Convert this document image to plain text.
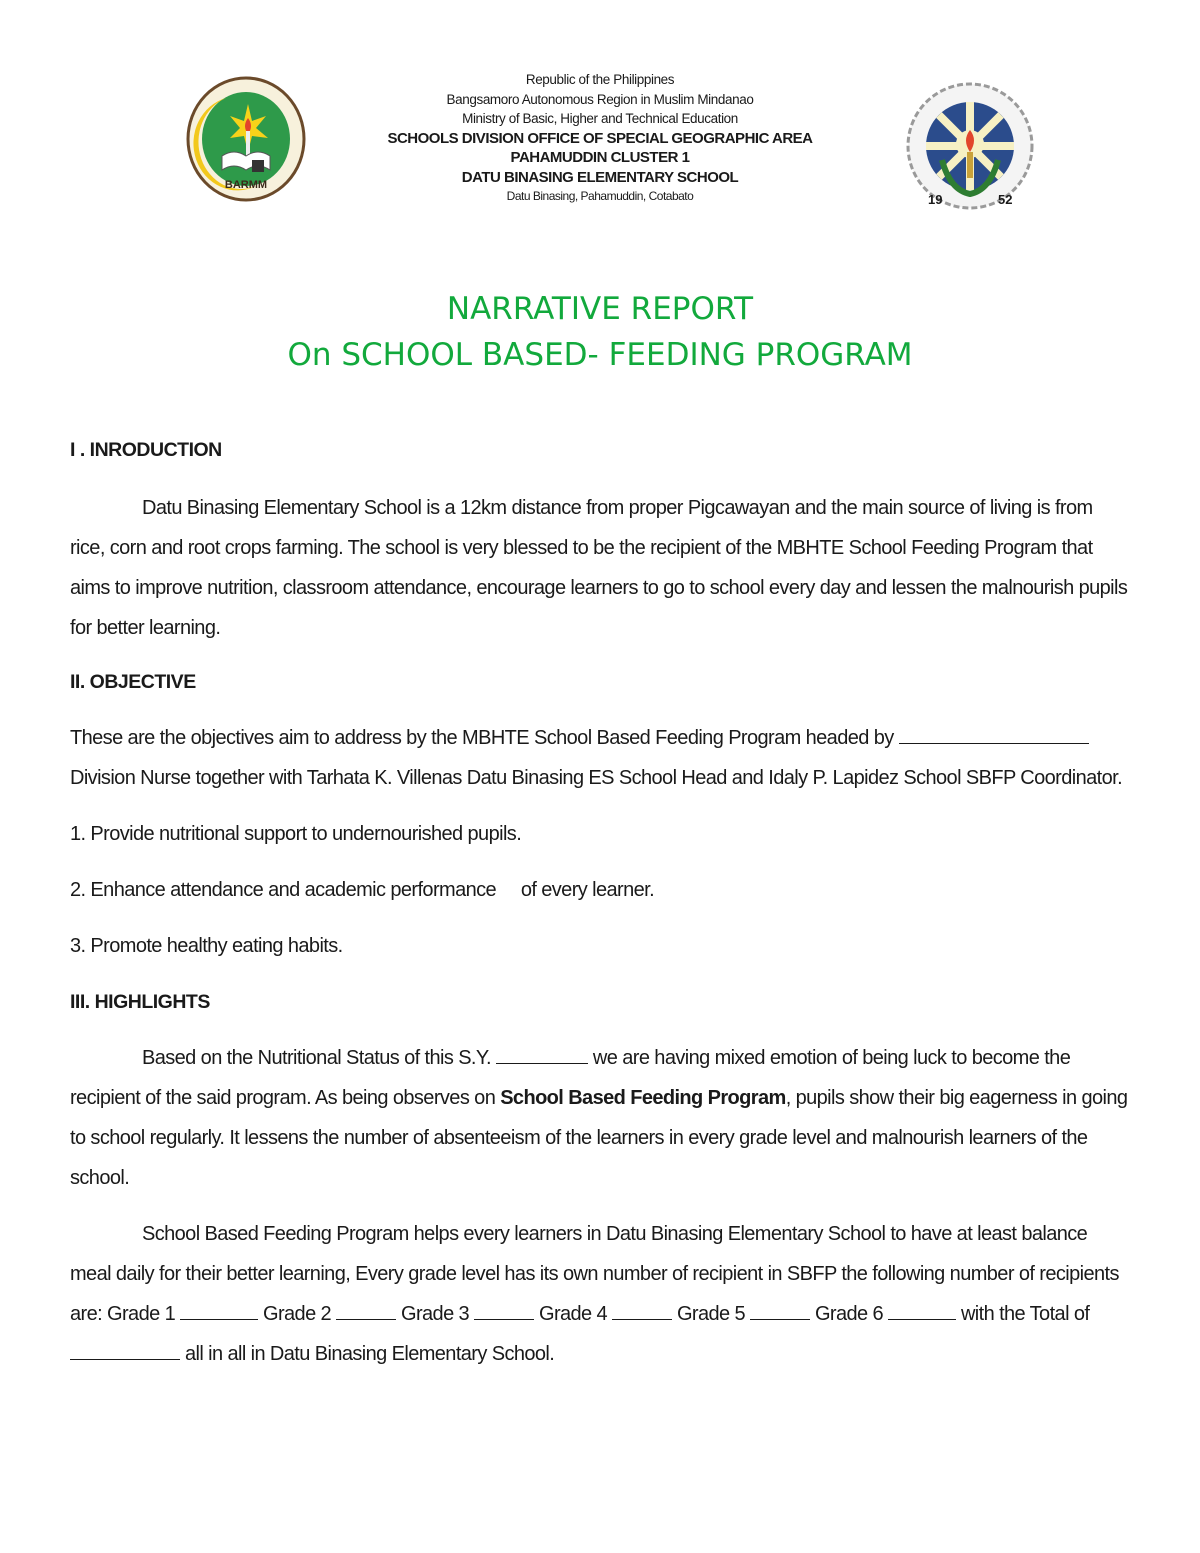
BARMM
Republic of the Philippines
Bangsamoro Autonomous Region in Muslim Mindanao
Ministry of Basic, Higher and Technical Education
SCHOOLS DIVISION OFFICE OF SPECIAL GEOGRAPHIC AREA
PAHAMUDDIN CLUSTER 1
DATU BINASING ELEMENTARY SCHOOL
Datu Binasing, Pahamuddin, Cotabato	19	52
NARRATIVE REPORT
On SCHOOL BASED- FEEDING PROGRAM
I . INRODUCTION

Datu Binasing Elementary School is a 12km distance from proper Pigcawayan and the main source of living is from rice, corn and root crops farming. The school is very blessed to be the recipient of the MBHTE School Feeding Program that aims to improve nutrition, classroom attendance, encourage learners to go to school every day and lessen the malnourish pupils for better learning.

II. OBJECTIVE

These are the objectives aim to address by the MBHTE School Based Feeding Program headed by  Division Nurse together with Tarhata K. Villenas Datu Binasing ES School Head and Idaly P. Lapidez School SBFP Coordinator.

1. Provide nutritional support to undernourished pupils.

2. Enhance attendance and academic performance     of every learner.

3. Promote healthy eating habits.

III. HIGHLIGHTS

Based on the Nutritional Status of this S.Y.	we are having mixed emotion of being luck to become the recipient of the said program. As being observes on School Based Feeding Program, pupils show their big eagerness in going to school regularly. It lessens the number of absenteeism of the learners in every grade level and malnourish learners of the school.

School Based Feeding Program helps every learners in Datu Binasing Elementary School to have at least balance meal daily for their better learning, Every grade level has its own number of recipient in SBFP the following number of recipients are: Grade 1	Grade 2	Grade 3	Grade 4	Grade 5	Grade 6	with the Total of  all in all in Datu Binasing Elementary School.
